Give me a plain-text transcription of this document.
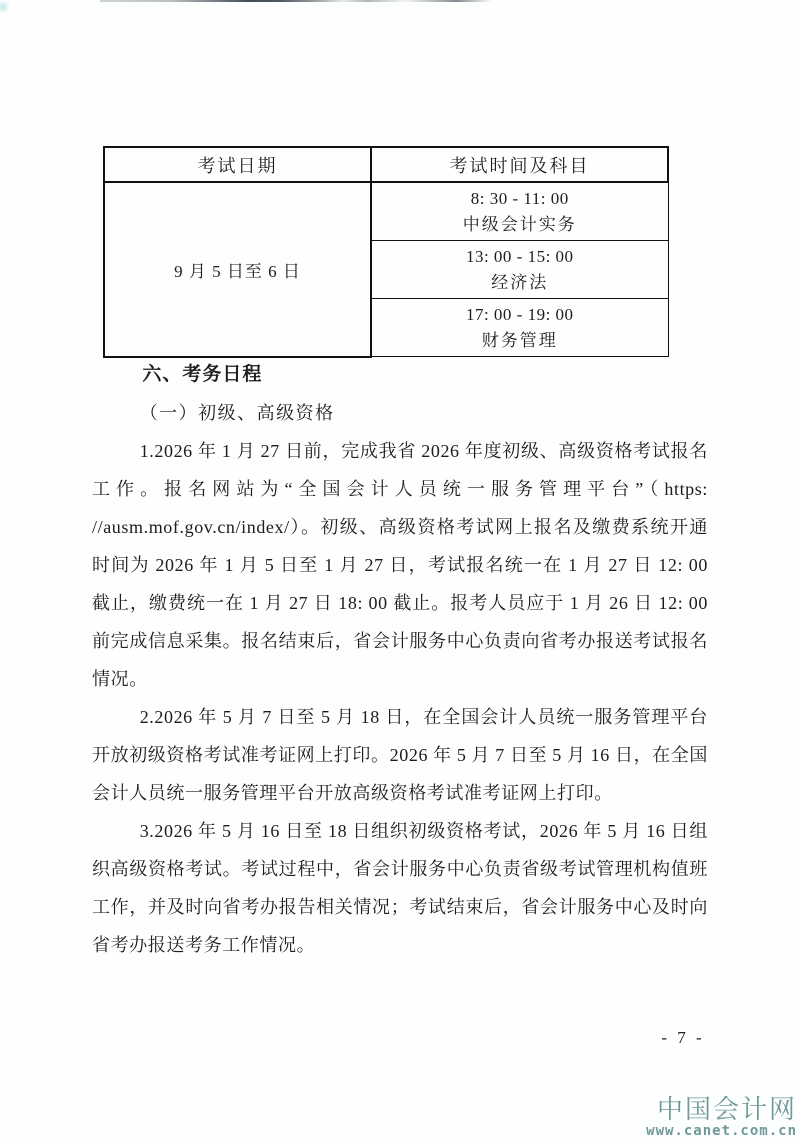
考试日期	考试时间及科目
9 月 5 日至 6 日	8: 30 - 11: 00
中级会计实务

	13: 00 - 15: 00
经济法

	17: 00 - 19: 00
财务管理

六、考务日程

（一）初级、高级资格

1.2026 年 1 月 27 日前，完成我省 2026 年度初级、高级资格考试报名工作。报名网站为“全国会计人员统一服务管理平台”（https: //ausm.mof.gov.cn/index/）。初级、高级资格考试网上报名及缴费系统开通时间为 2026 年 1 月 5 日至 1 月 27 日，考试报名统一在 1 月 27 日 12: 00 截止，缴费统一在 1 月 27 日 18: 00 截止。报考人员应于 1 月 26 日 12: 00 前完成信息采集。报名结束后，省会计服务中心负责向省考办报送考试报名情况。

2.2026 年 5 月 7 日至 5 月 18 日，在全国会计人员统一服务管理平台开放初级资格考试准考证网上打印。2026 年 5 月 7 日至 5 月 16 日，在全国会计人员统一服务管理平台开放高级资格考试准考证网上打印。

3.2026 年 5 月 16 日至 18 日组织初级资格考试，2026 年 5 月 16 日组织高级资格考试。考试过程中，省会计服务中心负责省级考试管理机构值班工作，并及时向省考办报告相关情况；考试结束后，省会计服务中心及时向省考办报送考务工作情况。

- 7 -
中国会计网
www.canet.com.cn
